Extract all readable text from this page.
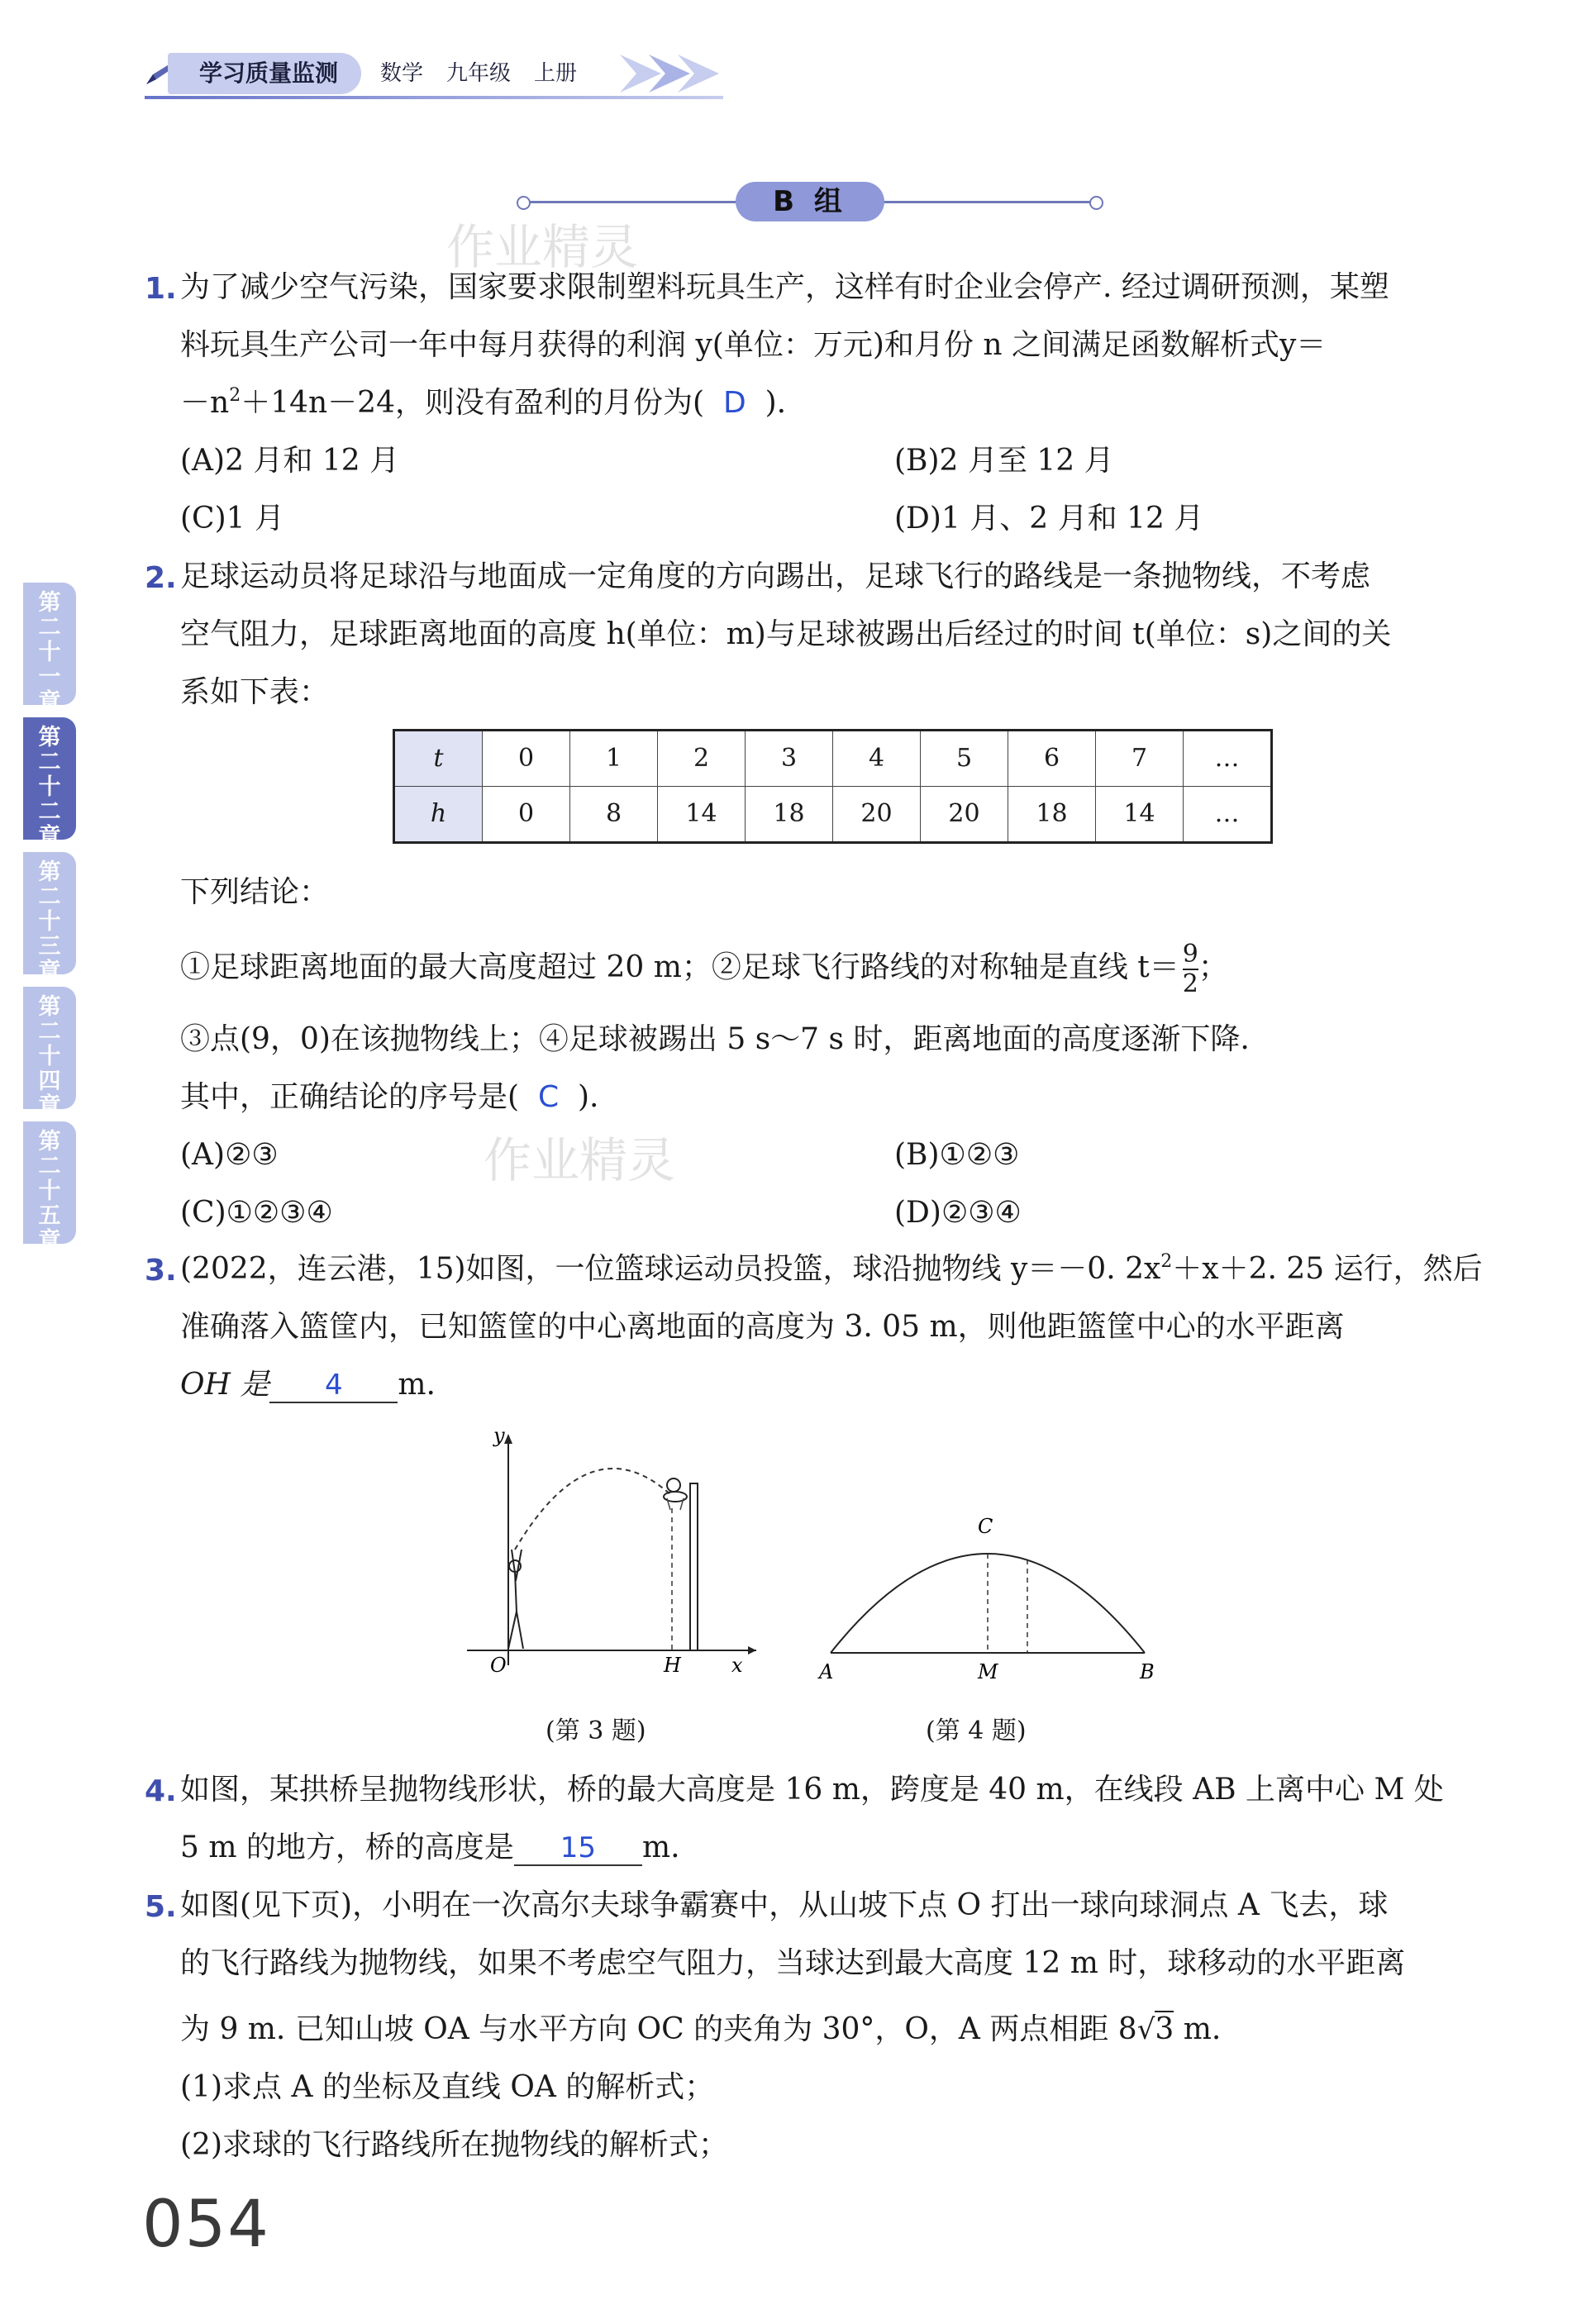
学习质量监测	数学 九年级 上册
B 组
作业精灵
作业精灵
第
二
十
一
章
第
二
十
二
章
第
二
十
三
章
第
二
十
四
章
第
二
十
五
章
1. 为了减少空气污染，国家要求限制塑料玩具生产，这样有时企业会停产. 经过调研预测，某塑
料玩具生产公司一年中每月获得的利润 y(单位：万元)和月份 n 之间满足函数解析式y＝
$-n^2+14n-24$，则没有盈利的月份为( D ).
(A)2 月和 12 月	(B)2 月至 12 月
(C)1 月	(D)1 月、2 月和 12 月
2. 足球运动员将足球沿与地面成一定角度的方向踢出，足球飞行的路线是一条抛物线，不考虑
空气阻力，足球距离地面的高度 h(单位：m)与足球被踢出后经过的时间 t(单位：s)之间的关
系如下表：
t	0	1	2	3	4	5	6	7	…
h	0	8	14	18	20	20	18	14	…
下列结论：
①足球距离地面的最大高度超过 20 m；②足球飞行路线的对称轴是直线 $t= \frac{9}{2}$ ；
③点(9，0)在该抛物线上；④足球被踢出 5 s～7 s 时，距离地面的高度逐渐下降.
其中，正确结论的序号是( C ).
(A)②③	(B)①②③
(C)①②③④	(D)②③④
3. (2022，连云港，15)如图，一位篮球运动员投篮，球沿抛物线 y＝－0. $2x^2+x+2$. 25 运行，然后
准确落入篮筐内，已知篮筐的中心离地面的高度为 3. 05 m，则他距篮筐中心的水平距离
OH 是 4 m.
y
x
O	H
(第 3 题)
C
A	M	B
(第 4 题)
4. 如图，某拱桥呈抛物线形状，桥的最大高度是 16 m，跨度是 40 m，在线段 AB 上离中心 M 处
5 m 的地方，桥的高度是 15 m.
5. 如图(见下页)，小明在一次高尔夫球争霸赛中，从山坡下点 O 打出一球向球洞点 A 飞去，球
的飞行路线为抛物线，如果不考虑空气阻力，当球达到最大高度 12 m 时，球移动的水平距离
为 9 m. 已知山坡 OA 与水平方向 OC 的夹角为 30°，O，A 两点相距 8√3 m.
(1)求点 A 的坐标及直线 OA 的解析式；
(2)求球的飞行路线所在抛物线的解析式；
054
